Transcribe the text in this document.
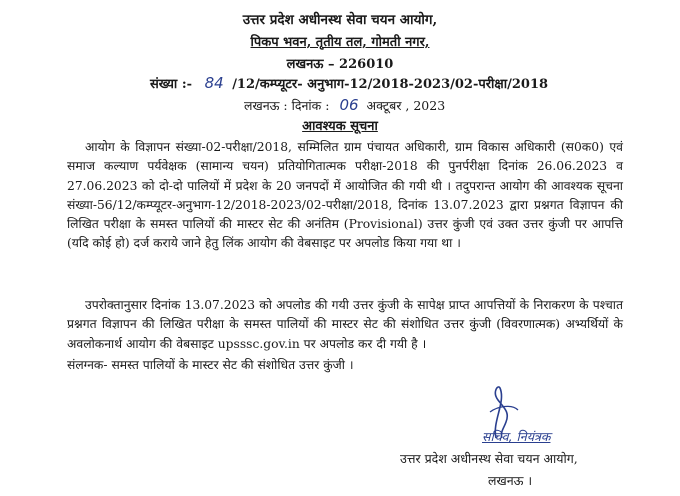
उत्तर प्रदेश अधीनस्थ सेवा चयन आयोग,
पिकप भवन, तृतीय तल, गोमती नगर,
लखनऊ – 226010
संख्या :- 84 /12/कम्प्यूटर- अनुभाग-12/2018-2023/02-परीक्षा/2018
लखनऊ : दिनांक : 06 अक्टूबर , 2023
आवश्यक सूचना
आयोग के विज्ञापन संख्या-02-परीक्षा/2018, सम्मिलित ग्राम पंचायत अधिकारी, ग्राम विकास अधिकारी (स0क0) एवं समाज कल्याण पर्यवेक्षक (सामान्य चयन) प्रतियोगितात्मक परीक्षा-2018 की पुनर्परीक्षा दिनांक 26.06.2023 व 27.06.2023 को दो-दो पालियों में प्रदेश के 20 जनपदों में आयोजित की गयी थी । तदुपरान्त आयोग की आवश्यक सूचना संख्या-56/12/कम्प्यूटर-अनुभाग-12/2018-2023/02-परीक्षा/2018, दिनांक 13.07.2023 द्वारा प्रश्नगत विज्ञापन की लिखित परीक्षा के समस्त पालियों की मास्टर सेट की अनंतिम (Provisional) उत्तर कुंजी एवं उक्त उत्तर कुंजी पर आपत्ति (यदि कोई हो) दर्ज कराये जाने हेतु लिंक आयोग की वेबसाइट पर अपलोड किया गया था ।
उपरोक्तानुसार दिनांक 13.07.2023 को अपलोड की गयी उत्तर कुंजी के सापेक्ष प्राप्त आपत्तियों के निराकरण के पश्चात प्रश्नगत विज्ञापन की लिखित परीक्षा के समस्त पालियों की मास्टर सेट की संशोधित उत्तर कुंजी (विवरणात्मक) अभ्यर्थियों के अवलोकनार्थ आयोग की वेबसाइट upsssc.gov.in पर अपलोड कर दी गयी है ।
संलग्नक- समस्त पालियों के मास्टर सेट की संशोधित उत्तर कुंजी ।
सचिव, नियंत्रक
उत्तर प्रदेश अधीनस्थ सेवा चयन आयोग,
लखनऊ ।
